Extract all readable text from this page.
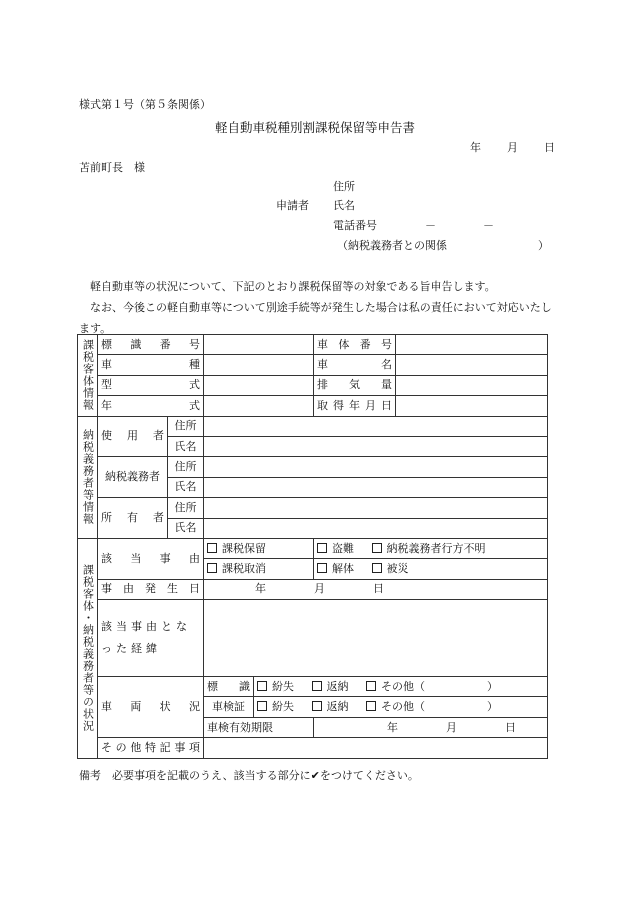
様式第１号（第５条関係）
軽自動車税種別割課税保留等申告書
年 月 日
苫前町長　様
住所
申請者 氏名
電話番号	－	－
（納税義務者との関係	）

軽自動車等の状況について、下記のとおり課税保留等の対象である旨申告します。

なお、今後この軽自動車等について別途手続等が発生した場合は私の責任において対応いたします。

課税客体情報	標識番号				車体番号	
	車種				車名	
	型式				排気量	
	年式				取得年月日	
納税義務者等情報	使用者	住所				
		氏名				
	納税義務者	住所				
		氏名				
	所有者	住所				
		氏名				
課税客体・納税義務者等の状況	該当事由		課税保留		盗難 納税義務者行方不明	
			課税取消		解体 被災	
	事由発生日		年 月 日			
	該当事由となった経緯					
	車両状況		標識	紛失 返納 その他（ ）		
			車検証	紛失 返納 その他（ ）		
			車検有効期限		年 月 日	
	その他特記事項					
備考　必要事項を記載のうえ、該当する部分に✔をつけてください。
